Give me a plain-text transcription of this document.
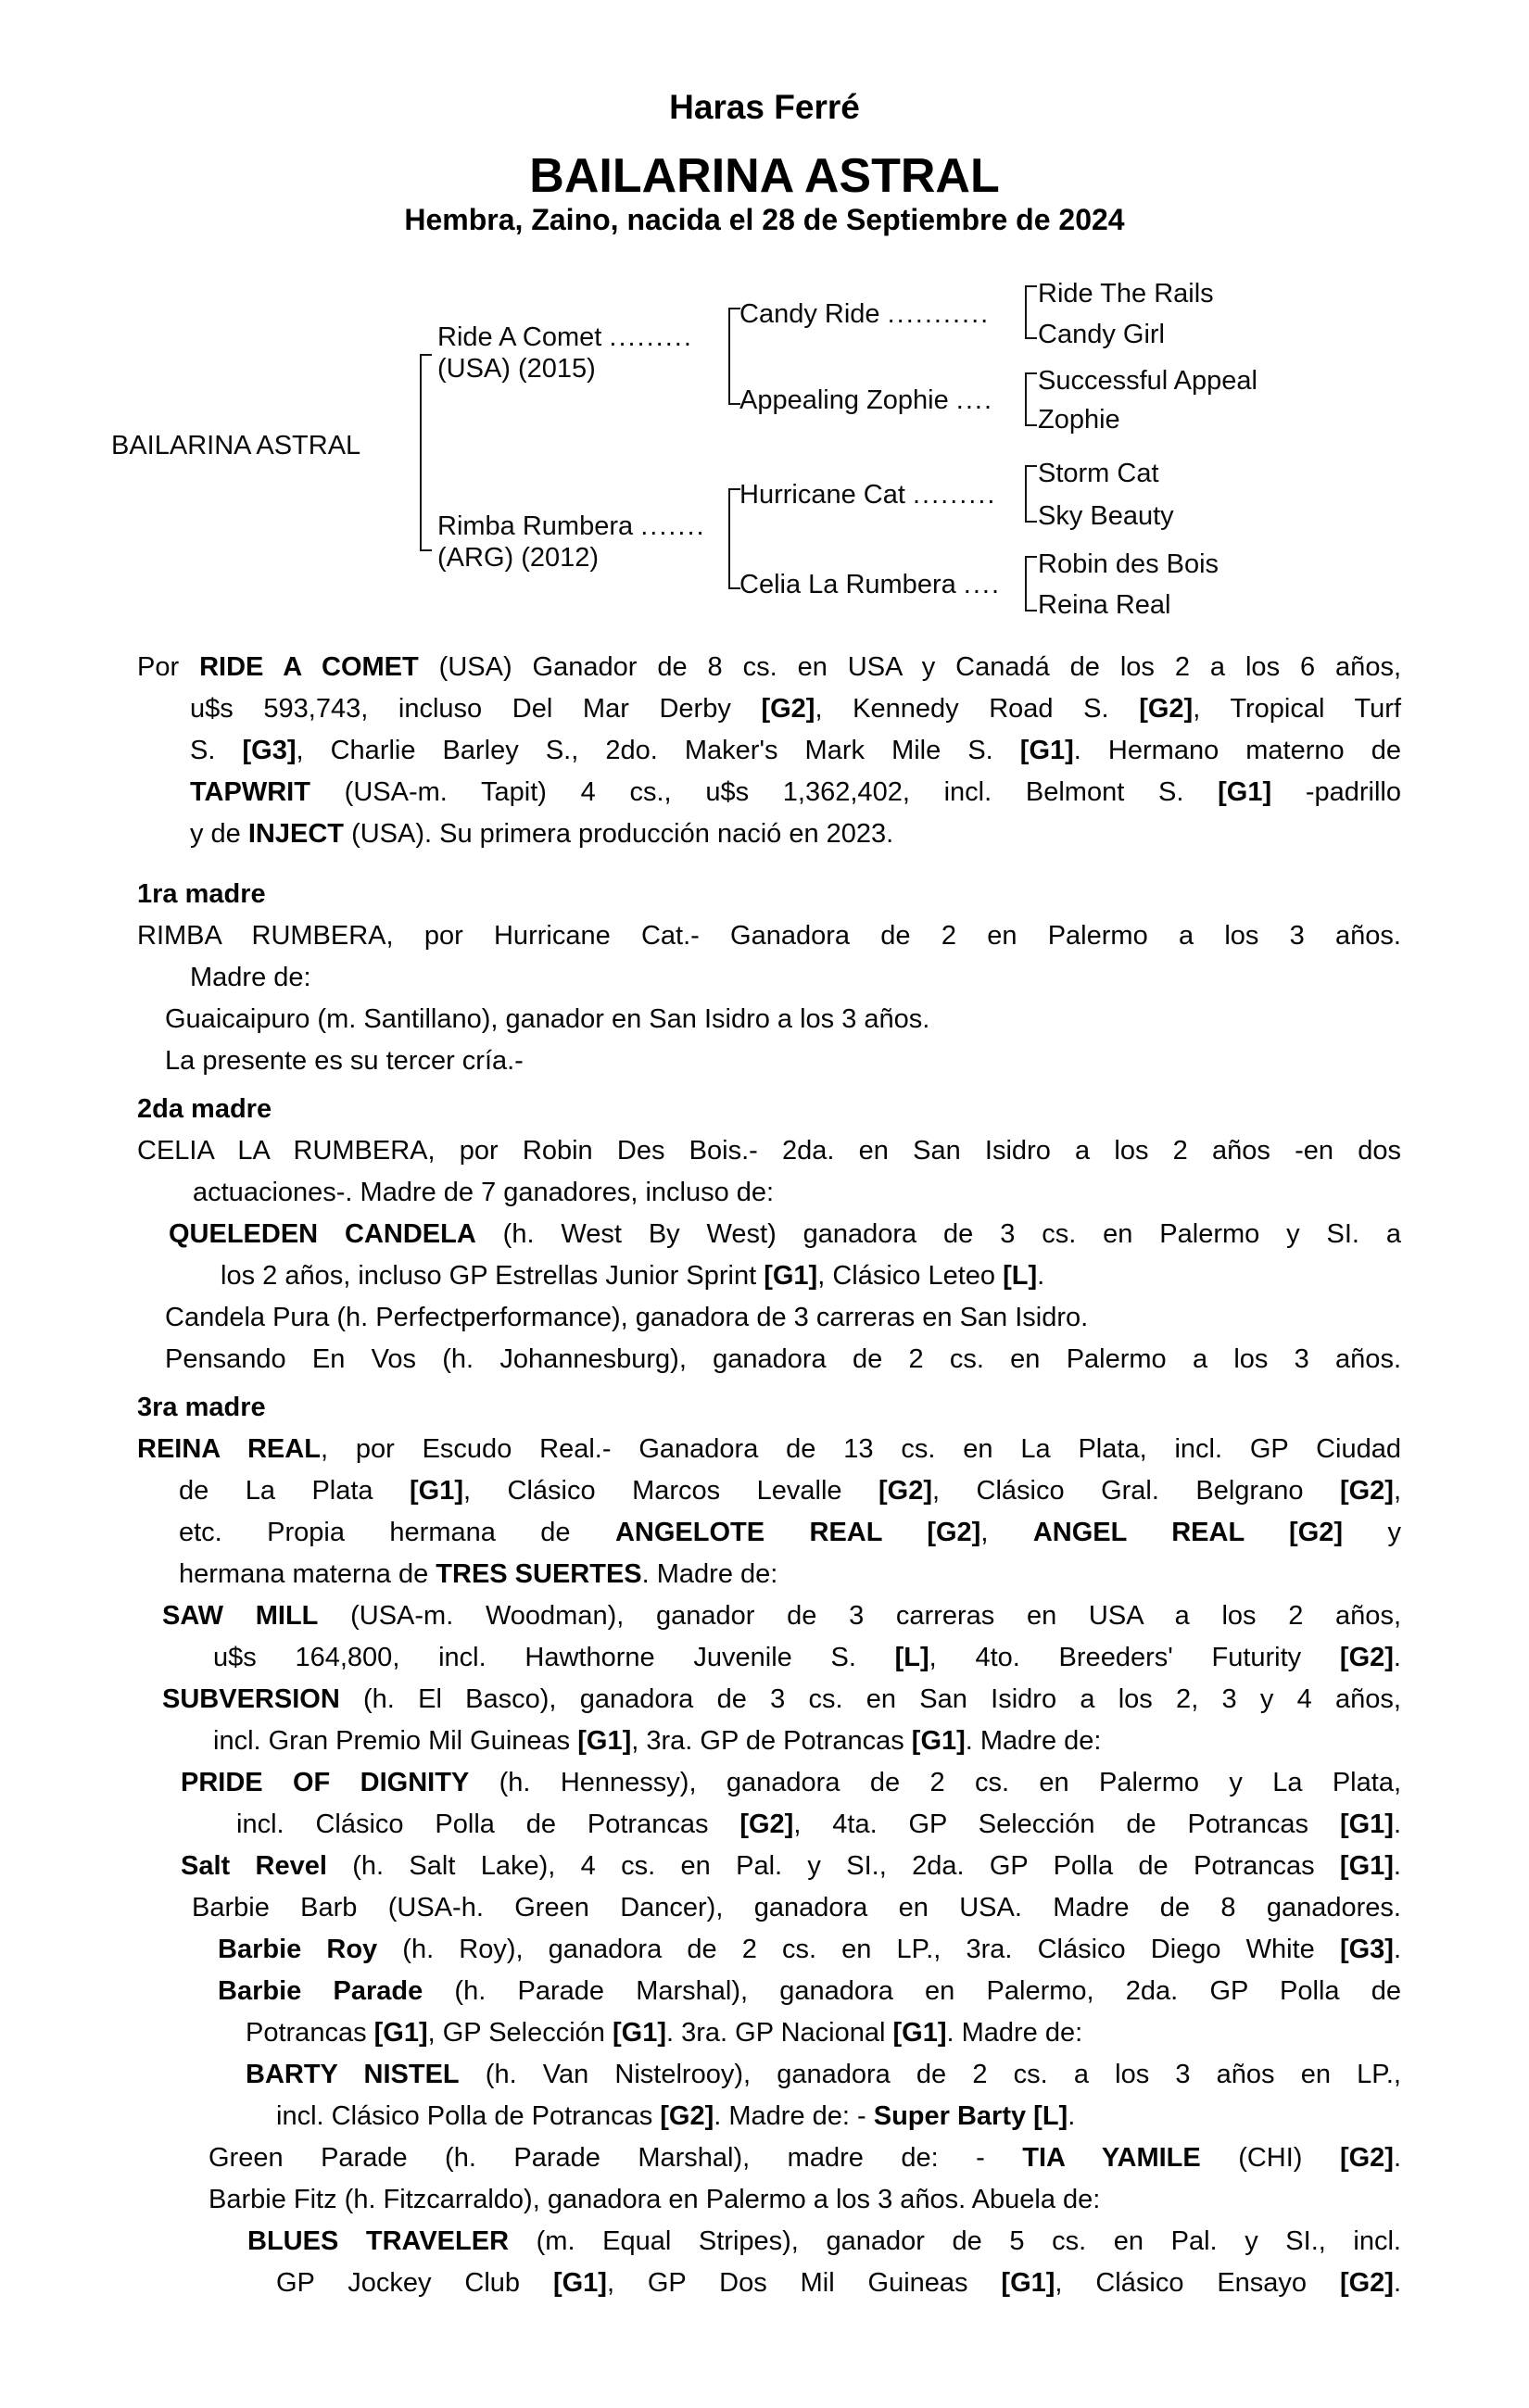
Haras Ferré
BAILARINA ASTRAL
Hembra, Zaino, nacida el 28 de Septiembre de 2024
BAILARINA ASTRAL
Ride A Comet .........
(USA) (2015)
Rimba Rumbera .......
(ARG) (2012)
Candy Ride ...........
Appealing Zophie ....
Hurricane Cat .........
Celia La Rumbera ....
Ride The Rails
Candy Girl
Successful Appeal
Zophie
Storm Cat
Sky Beauty
Robin des Bois
Reina Real
Por RIDE A COMET (USA) Ganador de 8 cs. en USA y Canadá de los 2 a los 6 años,
u$s 593,743, incluso Del Mar Derby [G2], Kennedy Road S. [G2], Tropical Turf
S. [G3], Charlie Barley S., 2do. Maker's Mark Mile S. [G1]. Hermano materno de
TAPWRIT (USA-m. Tapit) 4 cs., u$s 1,362,402, incl. Belmont S. [G1] -padrillo
y de INJECT (USA). Su primera producción nació en 2023.
1ra madre
RIMBA RUMBERA, por Hurricane Cat.- Ganadora de 2 en Palermo a los 3 años.
Madre de:
Guaicaipuro (m. Santillano), ganador en San Isidro a los 3 años.
La presente es su tercer cría.-
2da madre
CELIA LA RUMBERA, por Robin Des Bois.- 2da. en San Isidro a los 2 años -en dos
actuaciones-. Madre de 7 ganadores, incluso de:
QUELEDEN CANDELA (h. West By West) ganadora de 3 cs. en Palermo y SI. a
los 2 años, incluso GP Estrellas Junior Sprint [G1], Clásico Leteo [L].
Candela Pura (h. Perfectperformance), ganadora de 3 carreras en San Isidro.
Pensando En Vos (h. Johannesburg), ganadora de 2 cs. en Palermo a los 3 años.
3ra madre
REINA REAL, por Escudo Real.- Ganadora de 13 cs. en La Plata, incl. GP Ciudad
de La Plata [G1], Clásico Marcos Levalle [G2], Clásico Gral. Belgrano [G2],
etc. Propia hermana de ANGELOTE REAL [G2], ANGEL REAL [G2] y
hermana materna de TRES SUERTES. Madre de:
SAW MILL (USA-m. Woodman), ganador de 3 carreras en USA a los 2 años,
u$s 164,800, incl. Hawthorne Juvenile S. [L], 4to. Breeders' Futurity [G2].
SUBVERSION (h. El Basco), ganadora de 3 cs. en San Isidro a los 2, 3 y 4 años,
incl. Gran Premio Mil Guineas [G1], 3ra. GP de Potrancas [G1]. Madre de:
PRIDE OF DIGNITY (h. Hennessy), ganadora de 2 cs. en Palermo y La Plata,
incl. Clásico Polla de Potrancas [G2], 4ta. GP Selección de Potrancas [G1].
Salt Revel (h. Salt Lake), 4 cs. en Pal. y SI., 2da. GP Polla de Potrancas [G1].
Barbie Barb (USA-h. Green Dancer), ganadora en USA. Madre de 8 ganadores.
Barbie Roy (h. Roy), ganadora de 2 cs. en LP., 3ra. Clásico Diego White [G3].
Barbie Parade (h. Parade Marshal), ganadora en Palermo, 2da. GP Polla de
Potrancas [G1], GP Selección [G1]. 3ra. GP Nacional [G1]. Madre de:
BARTY NISTEL (h. Van Nistelrooy), ganadora de 2 cs. a los 3 años en LP.,
incl. Clásico Polla de Potrancas [G2]. Madre de: - Super Barty [L].
Green Parade (h. Parade Marshal), madre de: - TIA YAMILE (CHI) [G2].
Barbie Fitz (h. Fitzcarraldo), ganadora en Palermo a los 3 años. Abuela de:
BLUES TRAVELER (m. Equal Stripes), ganador de 5 cs. en Pal. y SI., incl.
GP Jockey Club [G1], GP Dos Mil Guineas [G1], Clásico Ensayo [G2].
